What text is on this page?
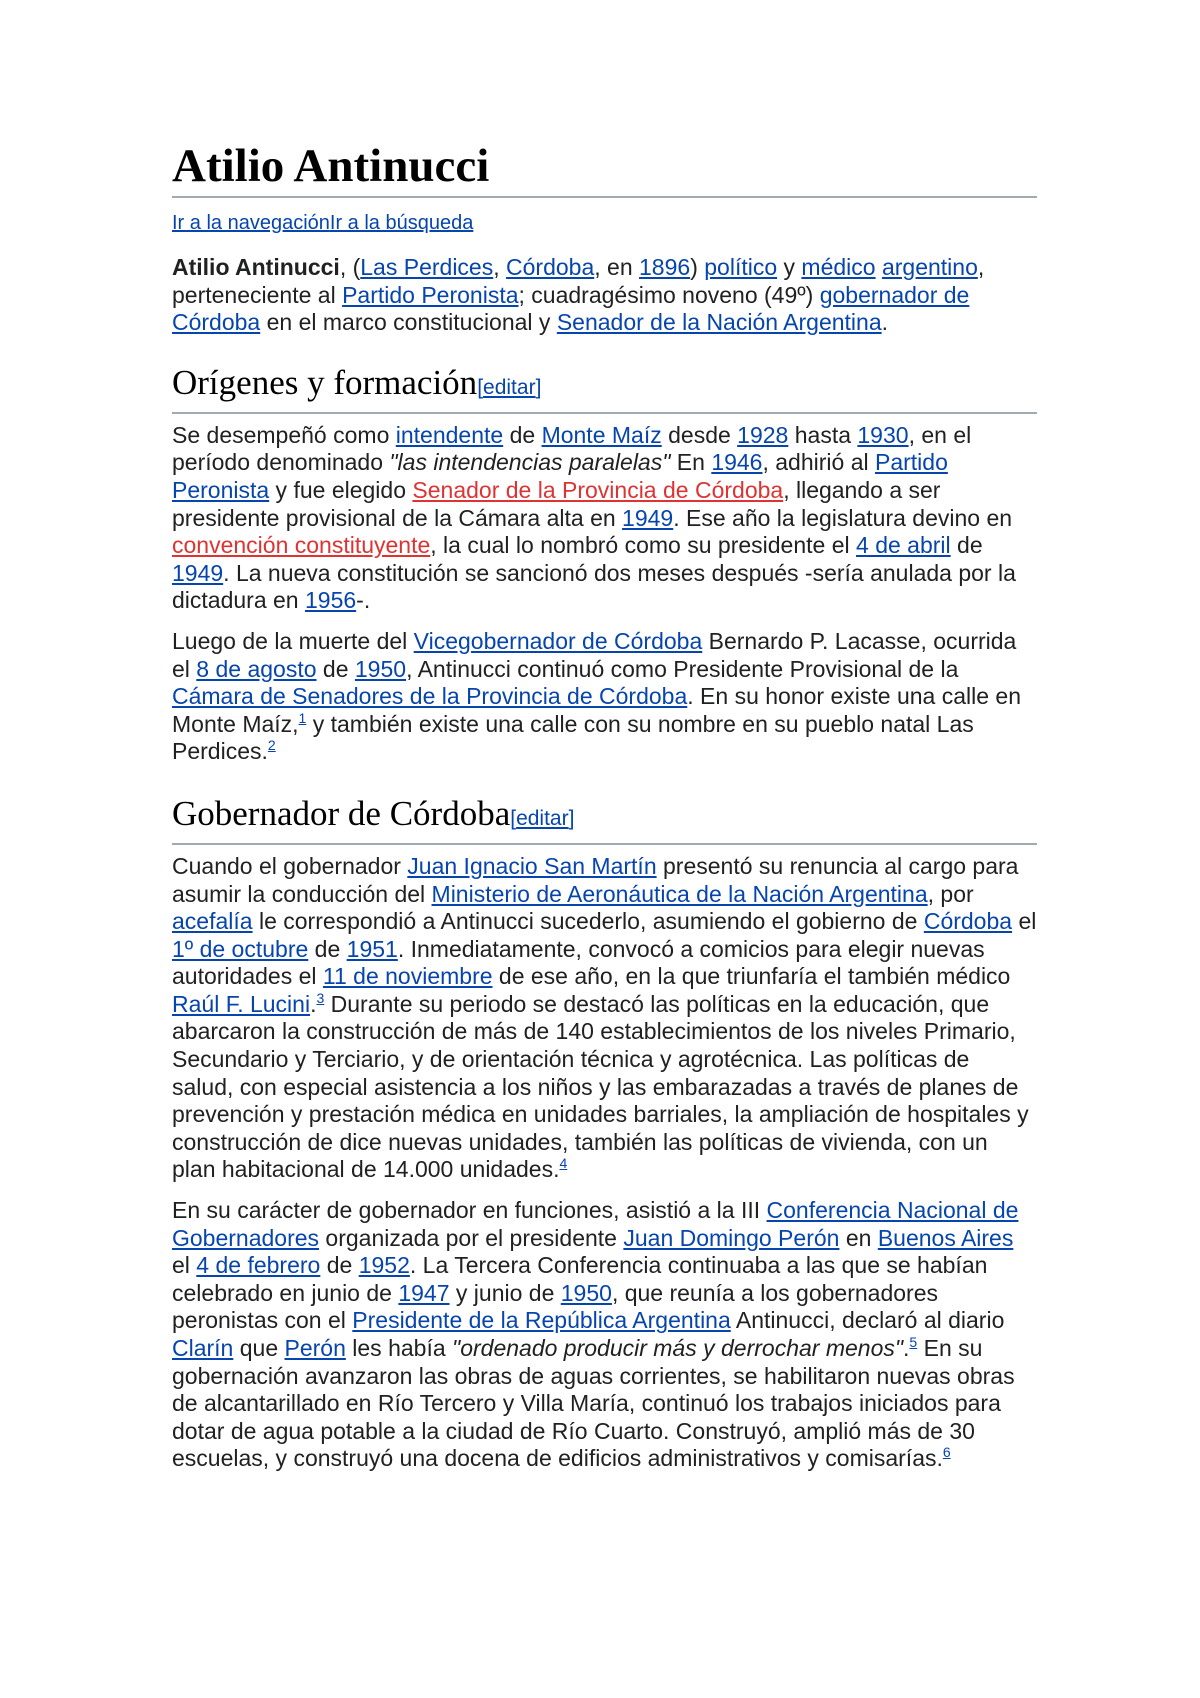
Atilio Antinucci
Ir a la navegaciónIr a la búsqueda

Atilio Antinucci, (Las Perdices, Córdoba, en 1896) político y médico argentino, perteneciente al Partido Peronista; cuadragésimo noveno (49º) gobernador de Córdoba en el marco constitucional y Senador de la Nación Argentina.

Orígenes y formación[editar]

Se desempeñó como intendente de Monte Maíz desde 1928 hasta 1930, en el período denominado "las intendencias paralelas" En 1946, adhirió al Partido Peronista y fue elegido Senador de la Provincia de Córdoba, llegando a ser presidente provisional de la Cámara alta en 1949. Ese año la legislatura devino en convención constituyente, la cual lo nombró como su presidente el 4 de abril de 1949. La nueva constitución se sancionó dos meses después -sería anulada por la dictadura en 1956-.

Luego de la muerte del Vicegobernador de Córdoba Bernardo P. Lacasse, ocurrida el 8 de agosto de 1950, Antinucci continuó como Presidente Provisional de la Cámara de Senadores de la Provincia de Córdoba. En su honor existe una calle en Monte Maíz,$^1$ y también existe una calle con su nombre en su pueblo natal Las Perdices.$^2$

Gobernador de Córdoba[editar]

Cuando el gobernador Juan Ignacio San Martín presentó su renuncia al cargo para asumir la conducción del Ministerio de Aeronáutica de la Nación Argentina, por acefalía le correspondió a Antinucci sucederlo, asumiendo el gobierno de Córdoba el 1º de octubre de 1951. Inmediatamente, convocó a comicios para elegir nuevas autoridades el 11 de noviembre de ese año, en la que triunfaría el también médico Raúl F. Lucini.$^3$ Durante su periodo se destacó las políticas en la educación, que abarcaron la construcción de más de 140 establecimientos de los niveles Primario, Secundario y Terciario, y de orientación técnica y agrotécnica. Las políticas de salud, con especial asistencia a los niños y las embarazadas a través de planes de prevención y prestación médica en unidades barriales, la ampliación de hospitales y construcción de dice nuevas unidades, también las políticas de vivienda, con un plan habitacional de 14.000 unidades.$^4$

En su carácter de gobernador en funciones, asistió a la III Conferencia Nacional de Gobernadores organizada por el presidente Juan Domingo Perón en Buenos Aires el 4 de febrero de 1952. La Tercera Conferencia continuaba a las que se habían celebrado en junio de 1947 y junio de 1950, que reunía a los gobernadores peronistas con el Presidente de la República Argentina Antinucci, declaró al diario Clarín que Perón les había "ordenado producir más y derrochar menos".$^5$ En su gobernación avanzaron las obras de aguas corrientes, se habilitaron nuevas obras de alcantarillado en Río Tercero y Villa María, continuó los trabajos iniciados para dotar de agua potable a la ciudad de Río Cuarto. Construyó, amplió más de 30 escuelas, y construyó una docena de edificios administrativos y comisarías.$^6$
